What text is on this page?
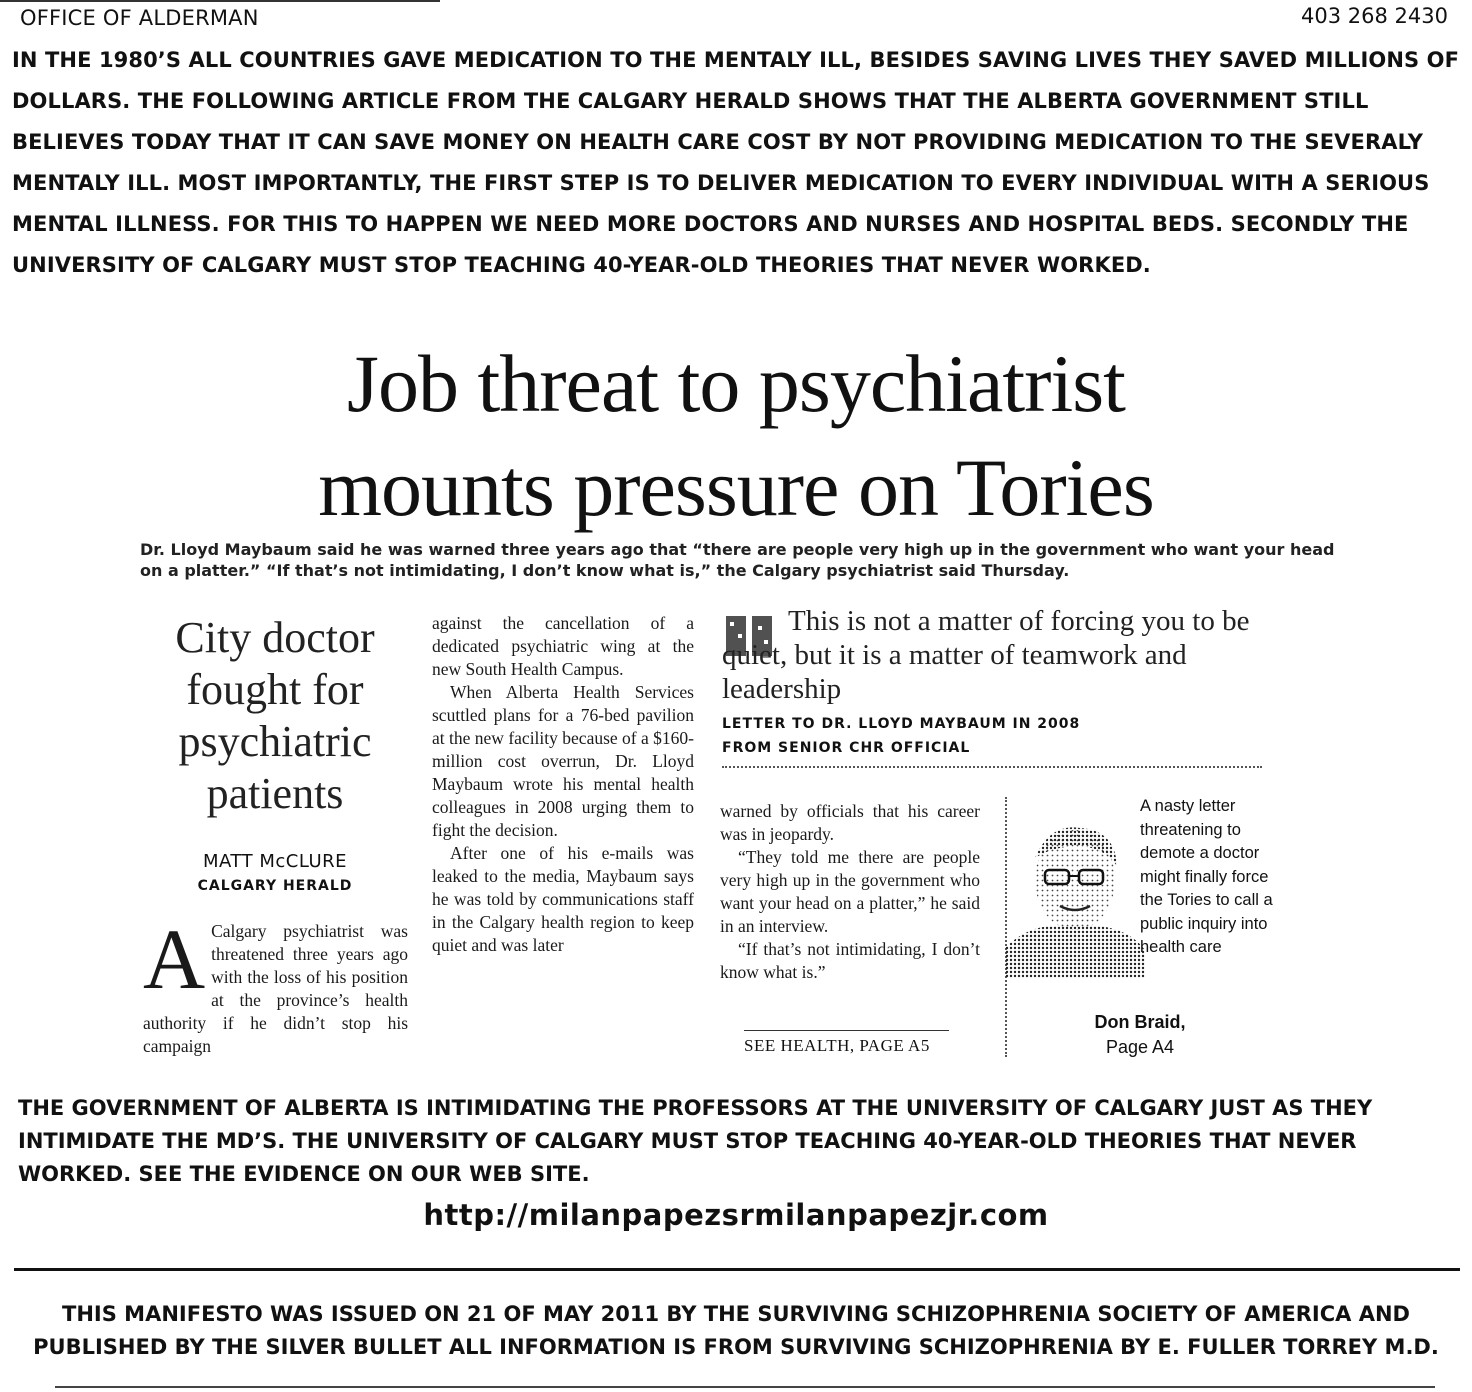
OFFICE OF ALDERMAN	403 268 2430
IN THE 1980’S ALL COUNTRIES GAVE MEDICATION TO THE MENTALY ILL, BESIDES SAVING LIVES THEY SAVED MILLIONS OF DOLLARS. THE FOLLOWING ARTICLE FROM THE CALGARY HERALD SHOWS THAT THE ALBERTA GOVERNMENT STILL BELIEVES TODAY THAT IT CAN SAVE MONEY ON HEALTH CARE COST BY NOT PROVIDING MEDICATION TO THE SEVERALY MENTALY ILL. MOST IMPORTANTLY, THE FIRST STEP IS TO DELIVER MEDICATION TO EVERY INDIVIDUAL WITH A SERIOUS MENTAL ILLNESS. FOR THIS TO HAPPEN WE NEED MORE DOCTORS AND NURSES AND HOSPITAL BEDS. SECONDLY THE UNIVERSITY OF CALGARY MUST STOP TEACHING 40-YEAR-OLD THEORIES THAT NEVER WORKED.
Job threat to psychiatrist
mounts pressure on Tories
Dr. Lloyd Maybaum said he was warned three years ago that “there are people very high up in the government who want your head on a platter.” “If that’s not intimidating, I don’t know what is,” the Calgary psychiatrist said Thursday.
City doctor fought for psychiatric patients
MATT McCLURE
CALGARY HERALD
A Calgary psychiatrist was threatened three years ago with the loss of his position at the province’s health authority if he didn’t stop his campaign

against the cancellation of a dedicated psychiatric wing at the new South Health Campus.

When Alberta Health Services scuttled plans for a 76-bed pavilion at the new facility because of a $160-million cost overrun, Dr. Lloyd Maybaum wrote his mental health colleagues in 2008 urging them to fight the decision.

After one of his e-mails was leaked to the media, Maybaum says he was told by communications staff in the Calgary health region to keep quiet and was later

This is not a matter of forcing you to be quiet, but it is a matter of teamwork and leadership
LETTER TO DR. LLOYD MAYBAUM IN 2008
FROM SENIOR CHR OFFICIAL

warned by officials that his career was in jeopardy.

“They told me there are people very high up in the government who want your head on a platter,” he said in an interview.

“If that’s not intimidating, I don’t know what is.”

SEE HEALTH, PAGE A5
A nasty letter threatening to demote a doctor might finally force the Tories to call a public inquiry into health care
Don Braid,
Page A4
THE GOVERNMENT OF ALBERTA IS INTIMIDATING THE PROFESSORS AT THE UNIVERSITY OF CALGARY JUST AS THEY INTIMIDATE THE MD’S. THE UNIVERSITY OF CALGARY MUST STOP TEACHING 40-YEAR-OLD THEORIES THAT NEVER WORKED. SEE THE EVIDENCE ON OUR WEB SITE.
http://milanpapezsrmilanpapezjr.com
THIS MANIFESTO WAS ISSUED ON 21 OF MAY 2011 BY THE SURVIVING SCHIZOPHRENIA SOCIETY OF AMERICA AND PUBLISHED BY THE SILVER BULLET ALL INFORMATION IS FROM SURVIVING SCHIZOPHRENIA BY E. FULLER TORREY M.D.
